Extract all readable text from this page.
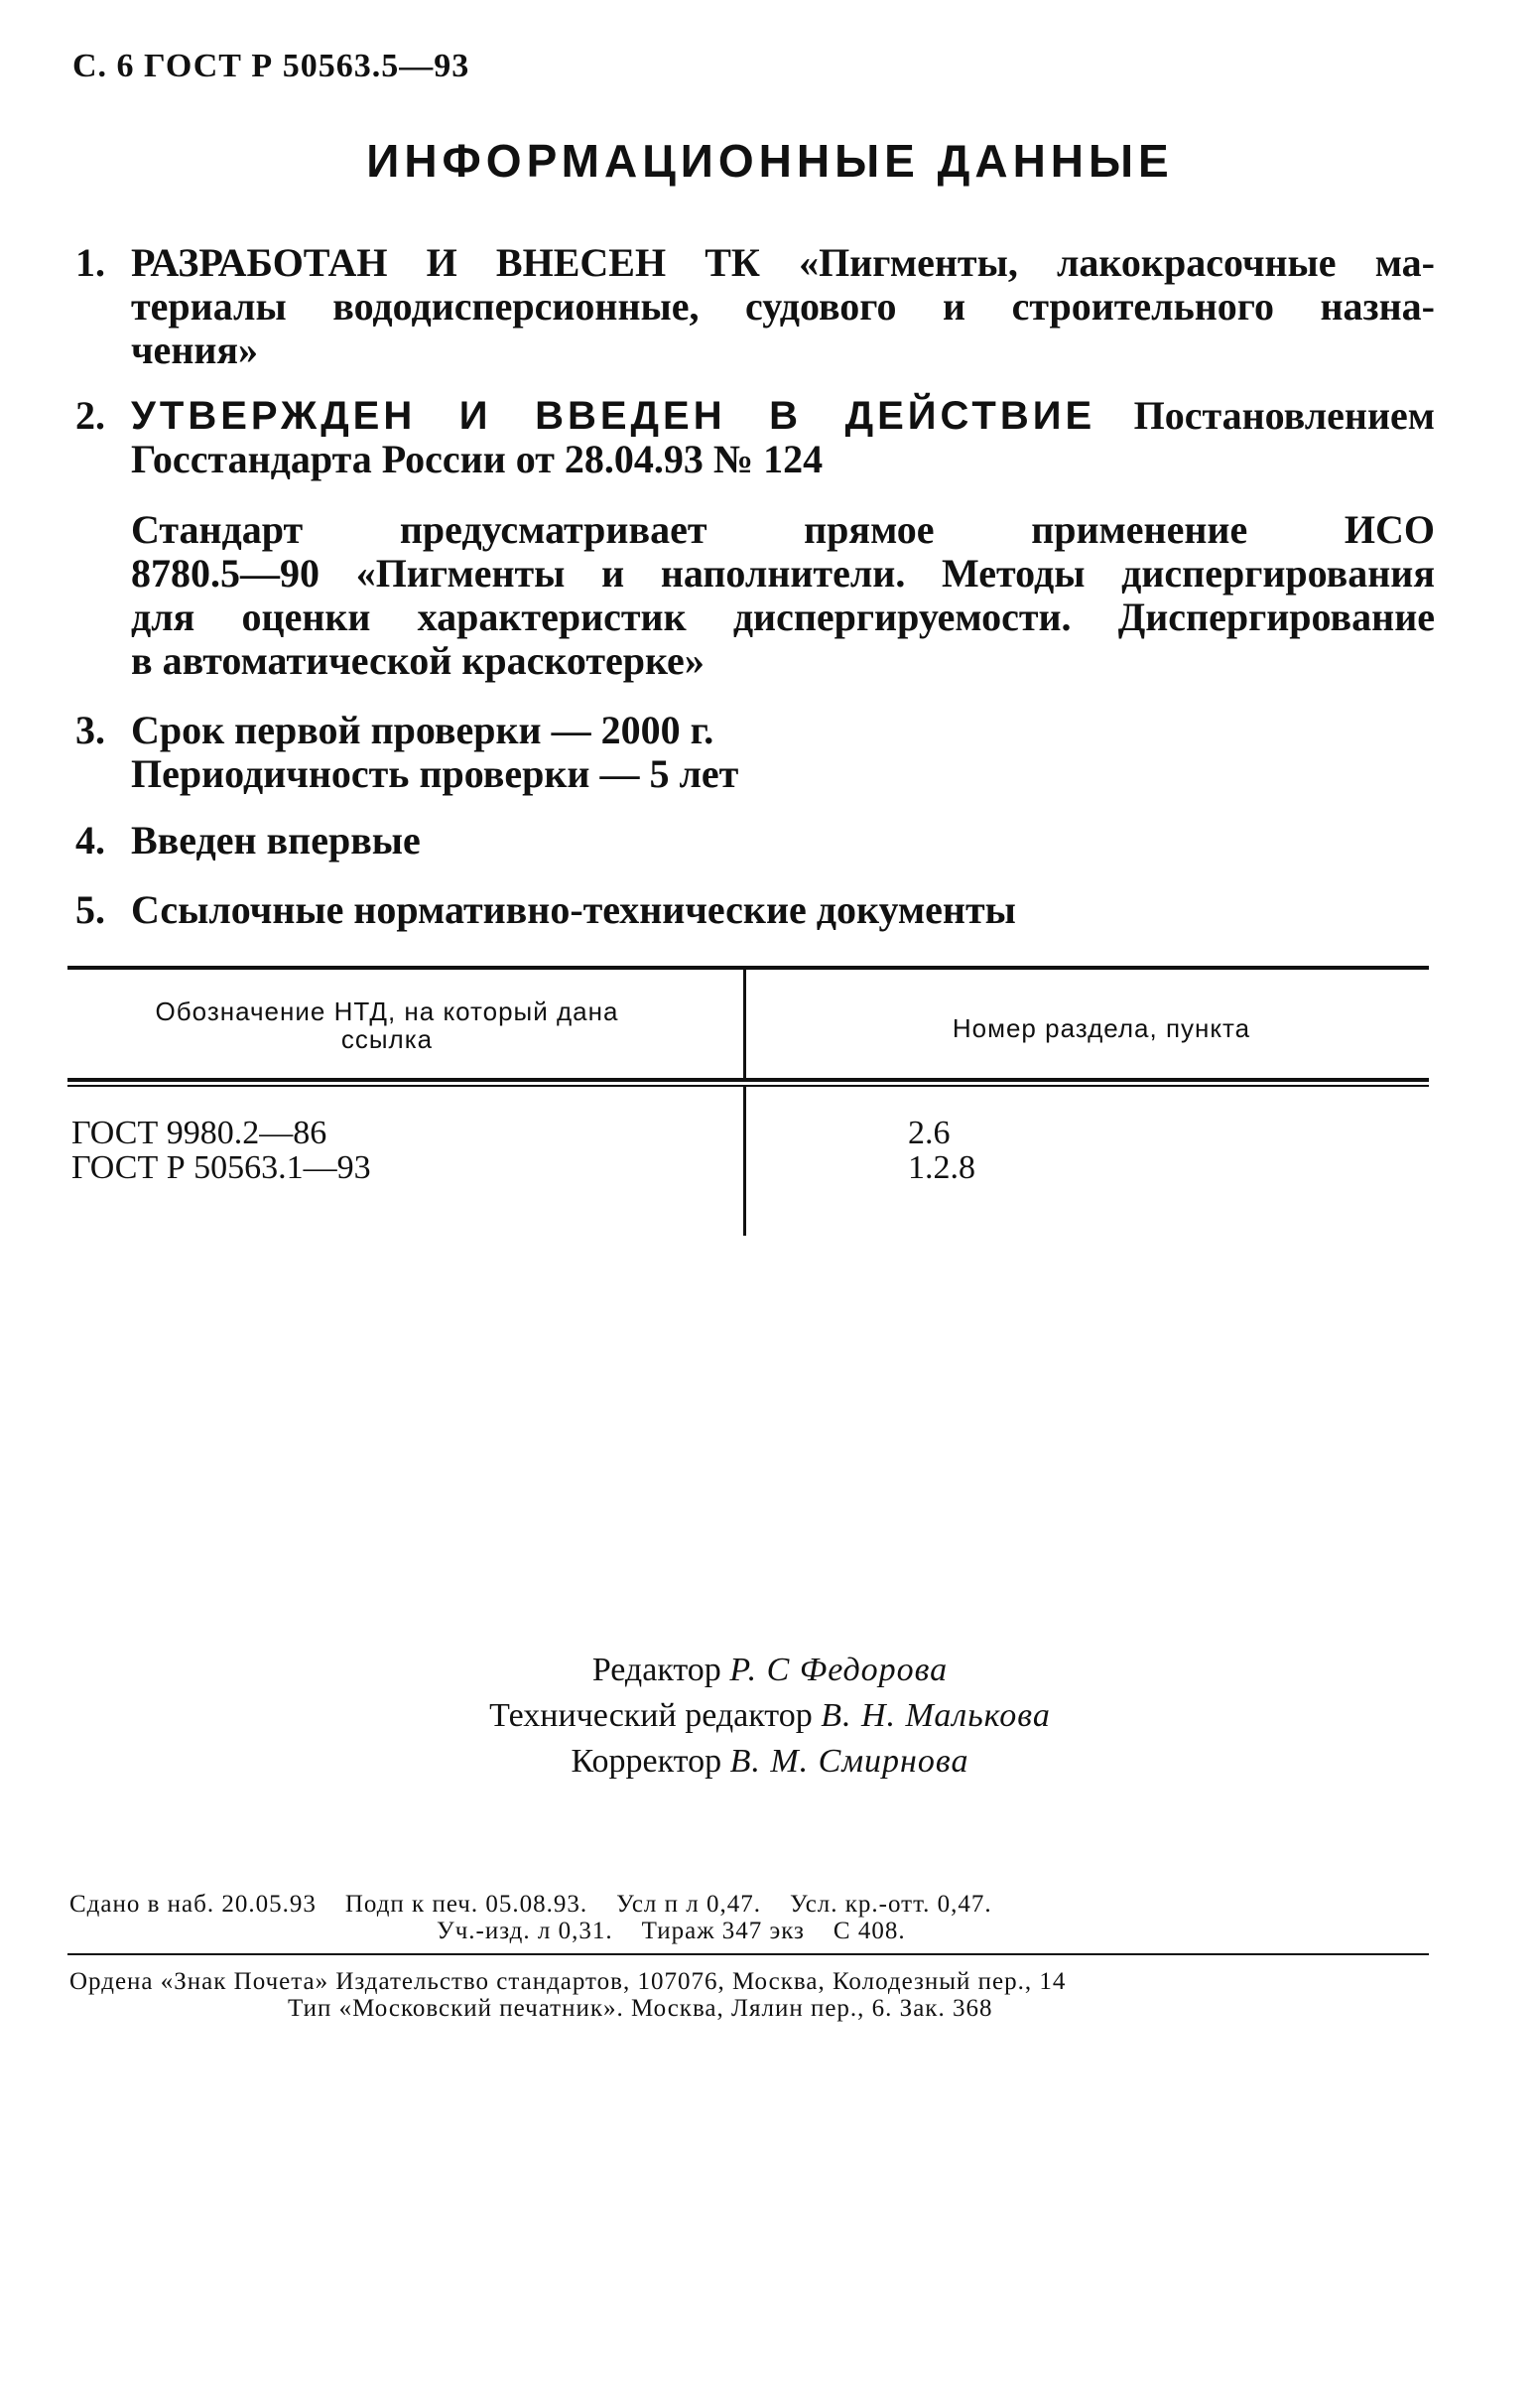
С. 6 ГОСТ Р 50563.5—93
ИНФОРМАЦИОННЫЕ ДАННЫЕ
1. РАЗРАБОТАН И ВНЕСЕН ТК «Пигменты, лакокрасочные ма-
териалы вододисперсионные, судового и строительного назна-
чения»
2. УТВЕРЖДЕН И ВВЕДЕН В ДЕЙСТВИЕ Постановлением
Госстандарта России от 28.04.93 № 124
Стандарт предусматривает прямое применение ИСО
8780.5—90 «Пигменты и наполнители. Методы диспергирования
для оценки характеристик диспергируемости. Диспергирование
в автоматической краскотерке»
3. Срок первой проверки — 2000 г.
Периодичность проверки — 5 лет
4. Введен впервые
5. Ссылочные нормативно-технические документы
Обозначение НТД, на который дана ссылка	Номер раздела, пункта
ГОСТ 9980.2—86	2.6
ГОСТ Р 50563.1—93	1.2.8
Редактор Р. С Федорова
Технический редактор В. Н. Малькова
Корректор В. М. Смирнова
Сдано в наб. 20.05.93    Подп к печ. 05.08.93.    Усл п л 0,47.    Усл. кр.-отт. 0,47.
Уч.-изд. л 0,31.    Тираж 347 экз    С 408.
Ордена «Знак Почета» Издательство стандартов, 107076, Москва, Колодезный пер., 14
Тип «Московский печатник». Москва, Лялин пер., 6. Зак. 368
